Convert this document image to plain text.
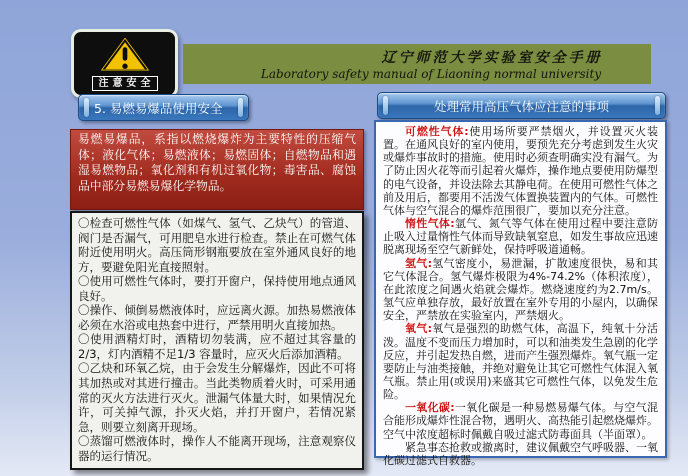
注意安全
辽宁师范大学实验室安全手册
Laboratory safety manual of Liaoning normal university
5. 易燃易爆品使用安全	处理常用高压气体应注意的事项
易燃易爆品，系指以燃烧爆炸为主要特性的压缩气体；液化气体；易燃液体；易燃固体；自燃物品和遇湿易燃物品；氧化剂和有机过氧化物；毒害品、腐蚀品中部分易燃易爆化学物品。
〇检查可燃性气体（如煤气、氢气、乙炔气）的管道、阀门是否漏气，可用肥皂水进行检查。禁止在可燃气体附近使用明火。高压筒形钢瓶要放在室外通风良好的地方，要避免阳光直接照射。
〇使用可燃性气体时，要打开窗户，保持使用地点通风良好。
〇操作、倾倒易燃液体时，应远离火源。加热易燃液体必须在水浴或电热套中进行，严禁用明火直接加热。
〇使用酒精灯时，酒精切勿装满，应不超过其容量的2/3，灯内酒精不足1/3 容量时，应灭火后添加酒精。
〇乙炔和环氧乙烷，由于会发生分解爆炸，因此不可将其加热或对其进行撞击。当此类物质着火时，可采用通常的灭火方法进行灭火。泄漏气体量大时，如果情况允许，可关掉气源，扑灭火焰，并打开窗户，若情况紧急，则要立刻离开现场。
〇蒸馏可燃液体时，操作人不能离开现场，注意观察仪器的运行情况。

可燃性气体:使用场所要严禁烟火，并设置灭火装置。在通风良好的室内使用，要预先充分考虑到发生火灾或爆炸事故时的措施。使用时必须查明确实没有漏气。为了防止因火花等而引起着火爆炸，操作地点要使用防爆型的电气设备，并设法除去其静电荷。在使用可燃性气体之前及用后，都要用不活泼气体置换装置内的气体。可燃性气体与空气混合的爆炸范围很广，要加以充分注意。

惰性气体:氩气、氮气等气体在使用过程中要注意防止吸入过量惰性气体而导致缺氧窒息，如发生事故应迅速脱离现场至空气新鲜处，保持呼吸道通畅。

氢气:氢气密度小，易泄漏，扩散速度很快，易和其它气体混合。氢气爆炸极限为4%-74.2%（体积浓度），在此浓度之间遇火焰就会爆炸。燃烧速度约为2.7m/s。氢气应单独存放，最好放置在室外专用的小屋内，以确保安全，严禁放在实验室内，严禁烟火。

氧气:氧气是强烈的助燃气体，高温下，纯氧十分活泼。温度不变而压力增加时，可以和油类发生急剧的化学反应，并引起发热自燃，进而产生强烈爆炸。氧气瓶一定要防止与油类接触，并绝对避免让其它可燃性气体混入氧气瓶。禁止用(或误用)来盛其它可燃性气体，以免发生危险。

一氧化碳:一氧化碳是一种易燃易爆气体。与空气混合能形成爆炸性混合物，遇明火、高热能引起燃烧爆炸。空气中浓度超标时佩戴自吸过滤式防毒面具（半面罩）。

紧急事态抢救或撤离时，建议佩戴空气呼吸器、一氧化碳过滤式自救器。
